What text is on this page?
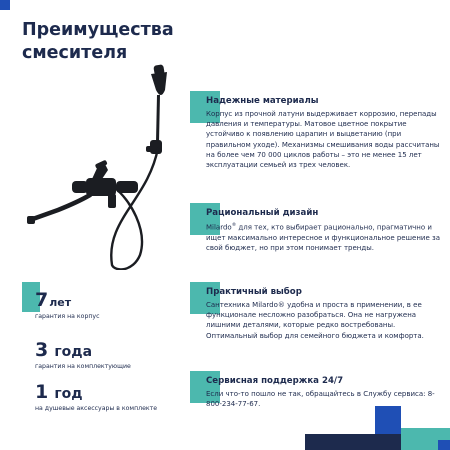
Преимущества
смесителя
7лет
гарантия на корпус
3 года
гарантия на комплектующие
1 год
на душевые аксессуары в комплекте
Надежные материалы
Корпус из прочной латуни выдерживает коррозию, перепады давления и температуры. Матовое цветное покрытие устойчиво к появлению царапин и выцветанию (при правильном уходе). Механизмы смешивания воды рассчитаны на более чем 70 000 циклов работы – это не менее 15 лет эксплуатации семьей из трех человек.
Рациональный дизайн
Milardo® для тех, кто выбирает рационально, прагматично и ищет максимально интересное и функциональное решение за свой бюджет, но при этом понимает тренды.
Практичный выбор
Сантехника Milardo® удобна и проста в применении, в ее функционале несложно разобраться. Она не нагружена лишними деталями, которые редко востребованы. Оптимальный выбор для семейного бюджета и комфорта.
Сервисная поддержка 24/7
Если что-то пошло не так, обращайтесь в Службу сервиса: 8-800-234-77-67.
